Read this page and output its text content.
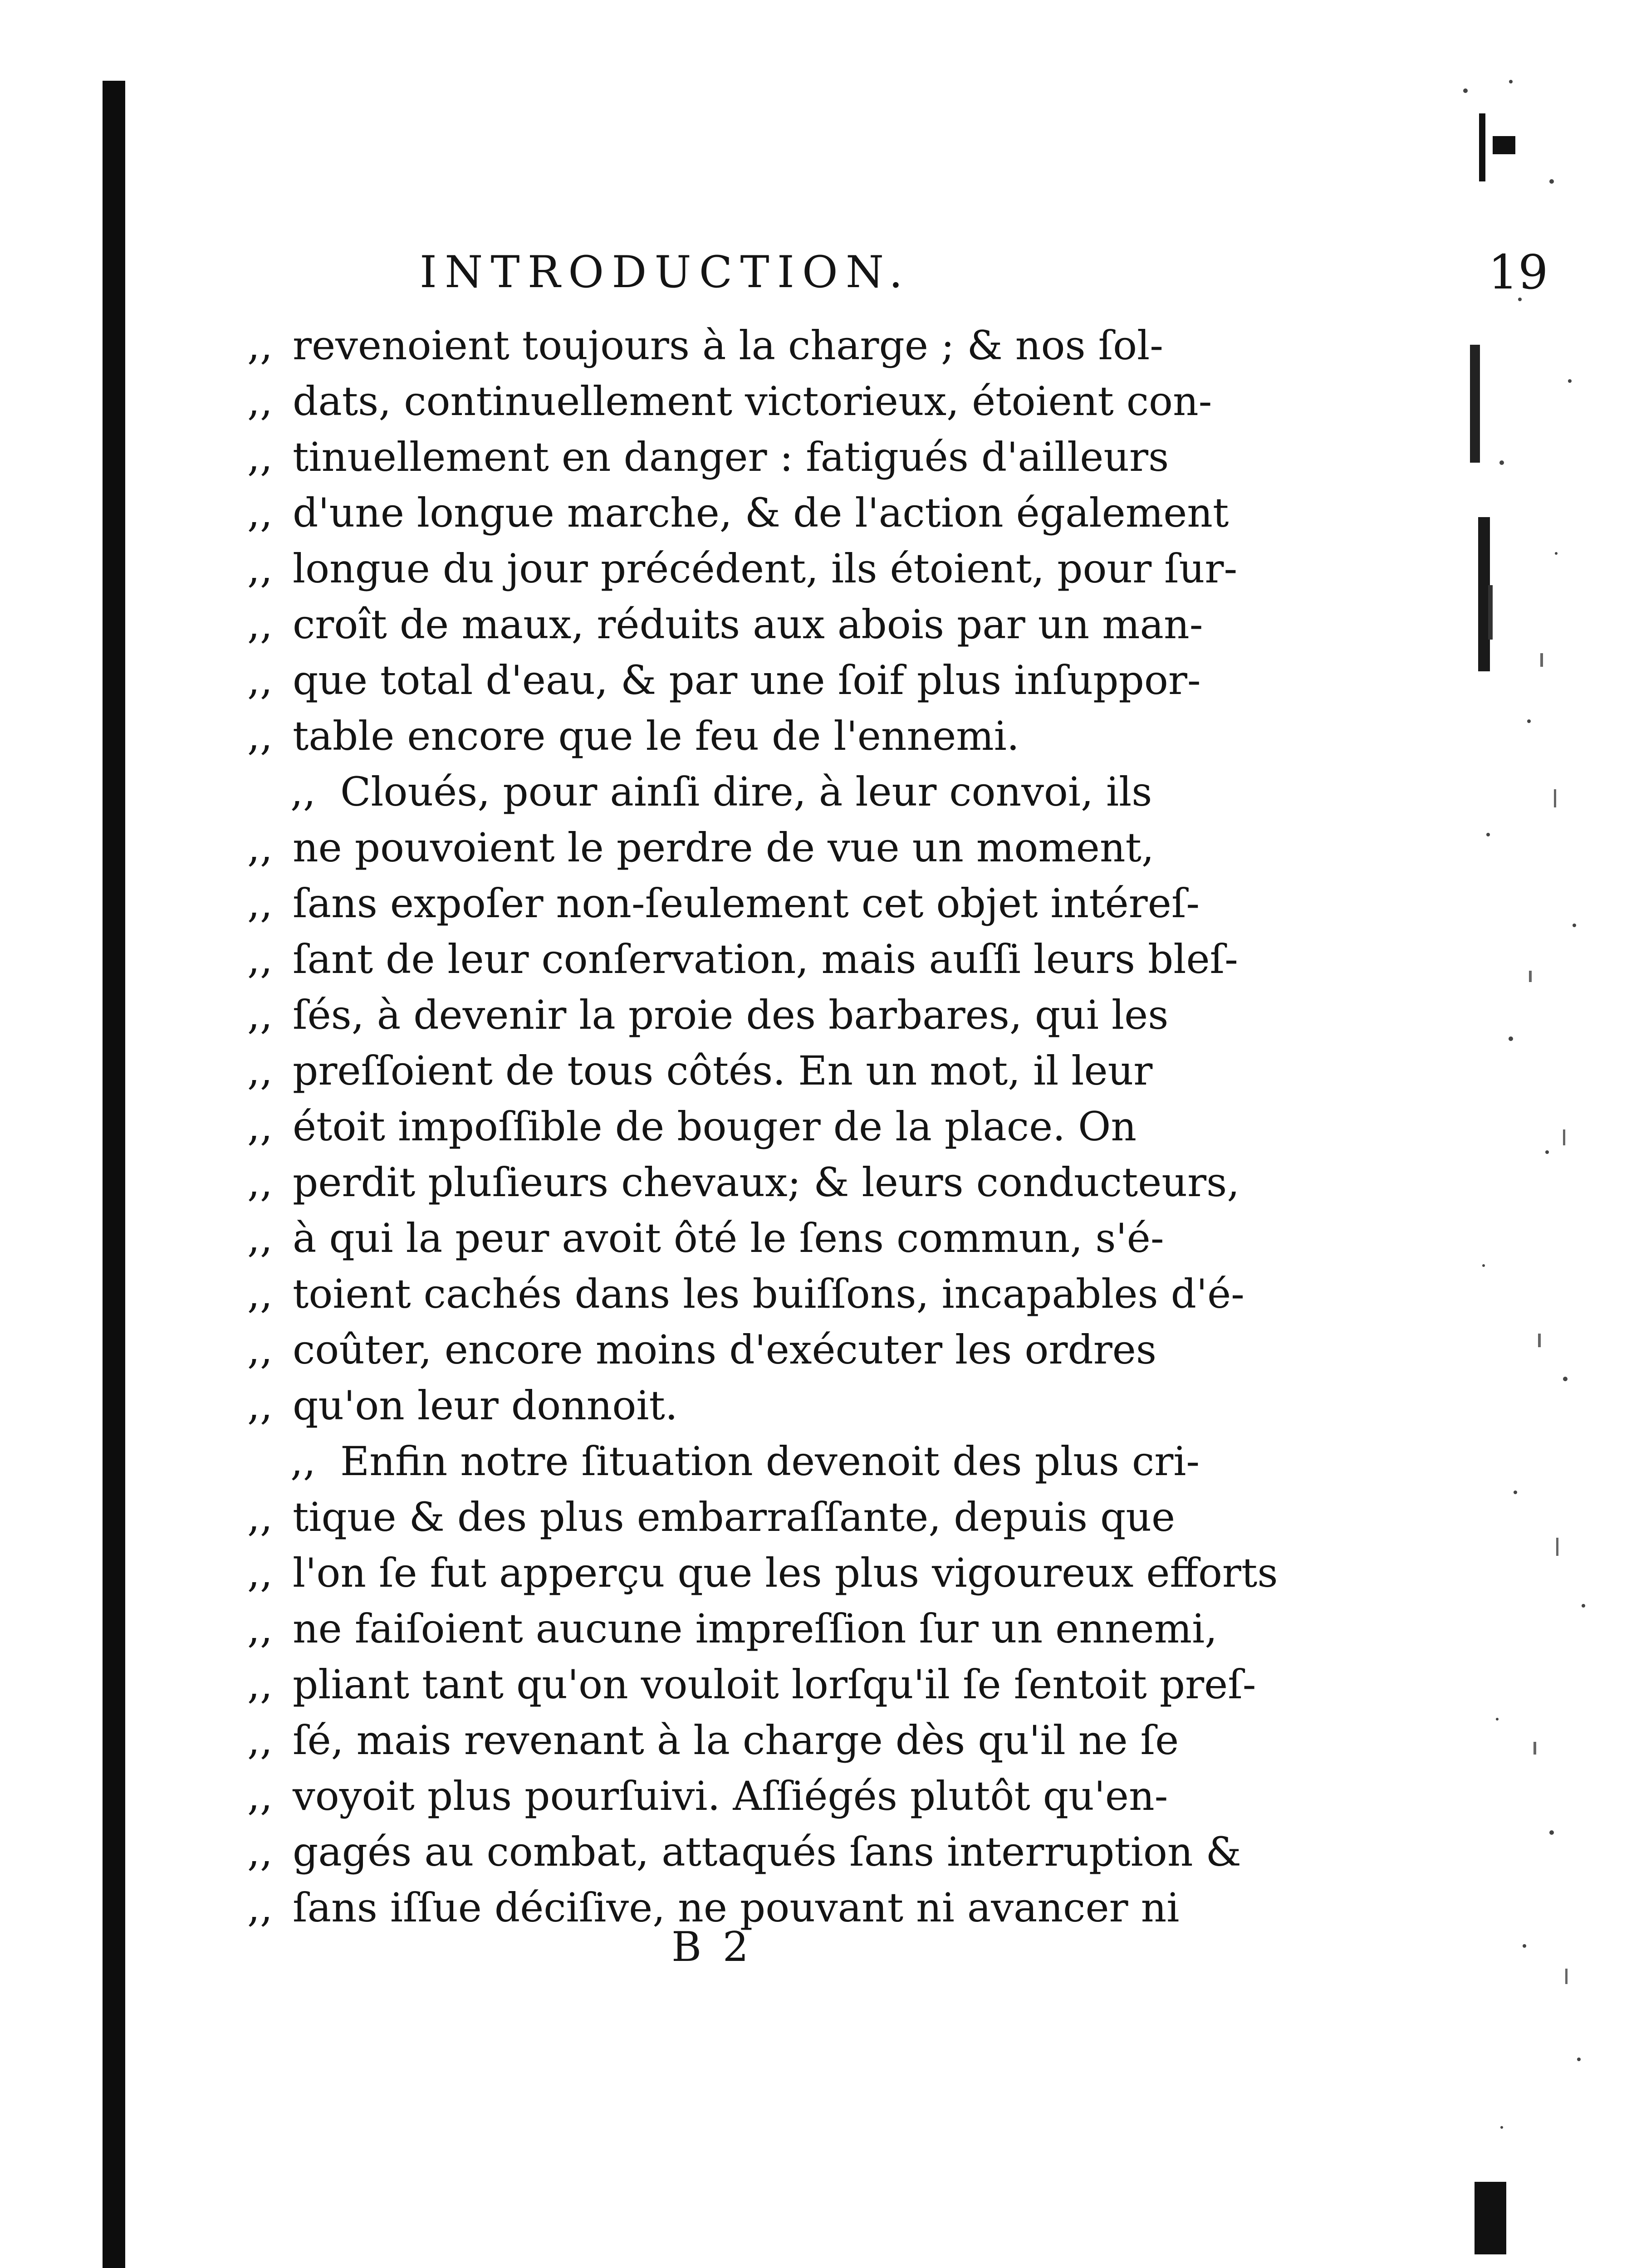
INTRODUCTION.	19
,, revenoient toujours à la charge ; & nos ſol-
,, dats, continuellement victorieux, étoient con-
,, tinuellement en danger : fatigués d'ailleurs
,, d'une longue marche, & de l'action également
,, longue du jour précédent, ils étoient, pour ſur-
,, croît de maux, réduits aux abois par un man-
,, que total d'eau, & par une ſoif plus inſuppor-
,, table encore que le feu de l'ennemi.
,, Cloués, pour ainſi dire, à leur convoi, ils
,, ne pouvoient le perdre de vue un moment,
,, ſans expoſer non-ſeulement cet objet intéreſ-
,, ſant de leur conſervation, mais auſſi leurs bleſ-
,, ſés, à devenir la proie des barbares, qui les
,, preſſoient de tous côtés. En un mot, il leur
,, étoit impoſſible de bouger de la place. On
,, perdit pluſieurs chevaux; & leurs conducteurs,
,, à qui la peur avoit ôté le ſens commun, s'é-
,, toient cachés dans les buiſſons, incapables d'é-
,, coûter, encore moins d'exécuter les ordres
,, qu'on leur donnoit.
,, Enfin notre ſituation devenoit des plus cri-
,, tique & des plus embarraſſante, depuis que
,, l'on ſe fut apperçu que les plus vigoureux efforts
,, ne faiſoient aucune impreſſion ſur un ennemi,
,, pliant tant qu'on vouloit lorſqu'il ſe ſentoit preſ-
,, ſé, mais revenant à la charge dès qu'il ne ſe
,, voyoit plus pourſuivi. Aſſiégés plutôt qu'en-
,, gagés au combat, attaqués ſans interruption &
,, ſans iſſue déciſive, ne pouvant ni avancer ni
B 2
